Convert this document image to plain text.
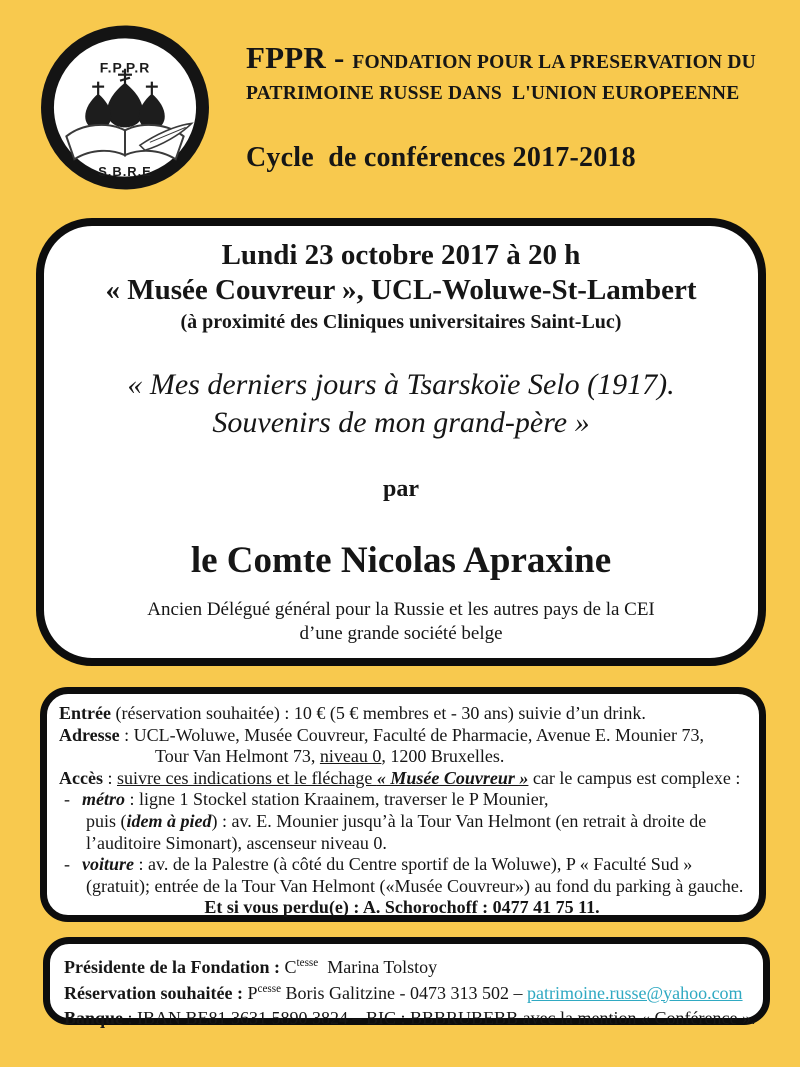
F.P.P.R
S.B.R.E
FPPR - FONDATION POUR LA PRESERVATION DU
PATRIMOINE RUSSE DANS  L'UNION EUROPEENNE
Cycle  de conférences 2017-2018
Lundi 23 octobre 2017 à 20 h
« Musée Couvreur », UCL-Woluwe-St-Lambert
(à proximité des Cliniques universitaires Saint-Luc)
« Mes derniers jours à Tsarskoïe Selo (1917).
Souvenirs de mon grand-père »
par
le Comte Nicolas Apraxine
Ancien Délégué général pour la Russie et les autres pays de la CEI
d’une grande société belge
Entrée (réservation souhaitée) : 10 € (5 € membres et - 30 ans) suivie d’un drink.
Adresse : UCL-Woluwe, Musée Couvreur, Faculté de Pharmacie, Avenue E. Mounier 73,
Tour Van Helmont 73, niveau 0, 1200 Bruxelles.
Accès : suivre ces indications et le fléchage « Musée Couvreur » car le campus est complexe :
- métro : ligne 1 Stockel station Kraainem, traverser le P Mounier,
puis (idem à pied) : av. E. Mounier jusqu’à la Tour Van Helmont (en retrait à droite de
l’auditoire Simonart), ascenseur niveau 0.
- voiture : av. de la Palestre (à côté du Centre sportif de la Woluwe), P « Faculté Sud »
(gratuit); entrée de la Tour Van Helmont («Musée Couvreur») au fond du parking à gauche.
Et si vous perdu(e) : A. Schorochoff : 0477 41 75 11.
Présidente de la Fondation : $C^{tesse}$  Marina Tolstoy
Réservation souhaitée : $P^{cesse}$ Boris Galitzine - 0473 313 502 – patrimoine.russe@yahoo.com
Banque : IBAN BE81 3631 5890 3824 – BIC : BBBRUBEBB avec la mention « Conférence ».
